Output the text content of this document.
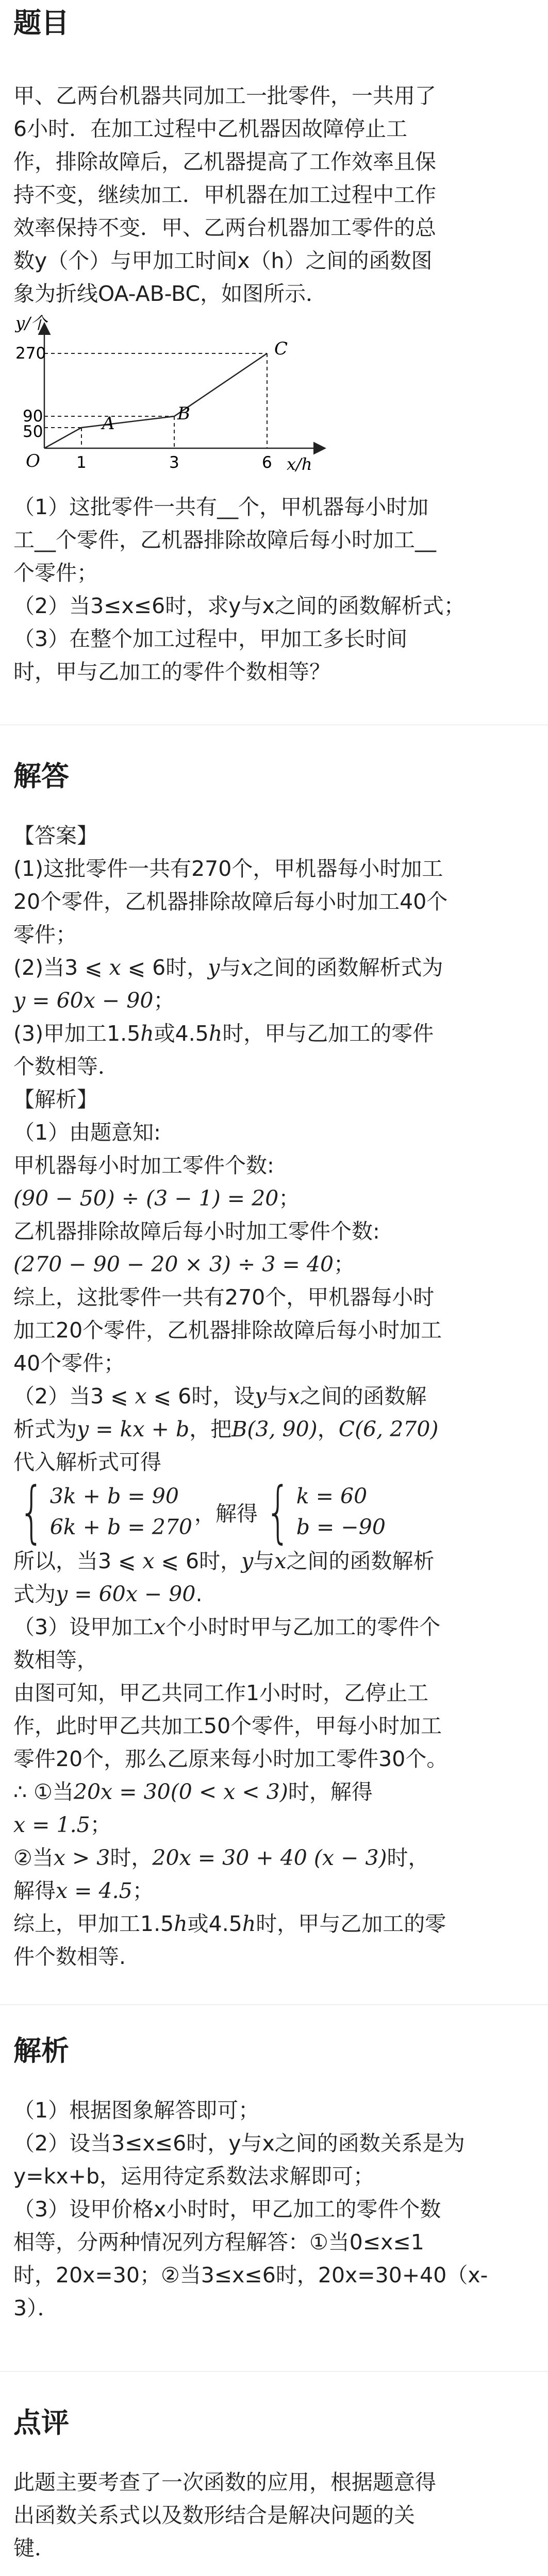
题目

甲、乙两台机器共同加工一批零件，一共用了

6小时．在加工过程中乙机器因故障停止工

作，排除故障后，乙机器提高了工作效率且保

持不变，继续加工．甲机器在加工过程中工作

效率保持不变．甲、乙两台机器加工零件的总

数y（个）与甲加工时间x（h）之间的函数图

象为折线OA-AB-BC，如图所示．

y/个
x/h
O
270
90
50
1	3	6
A	B
C

（1）这批零件一共有__个，甲机器每小时加

工__个零件，乙机器排除故障后每小时加工__

个零件；

（2）当3≤x≤6时，求y与x之间的函数解析式；

（3）在整个加工过程中，甲加工多长时间

时，甲与乙加工的零件个数相等？

解答

【答案】

(1)这批零件一共有270个，甲机器每小时加工

20个零件，乙机器排除故障后每小时加工40个

零件；

(2)当3 ⩽ x ⩽ 6时，y与x之间的函数解析式为

y = 60x − 90；

(3)甲加工1.5h或4.5h时，甲与乙加工的零件

个数相等．

【解析】

（1）由题意知:

甲机器每小时加工零件个数:

(90 − 50) ÷ (3 − 1) = 20；

乙机器排除故障后每小时加工零件个数:

(270 − 90 − 20 × 3) ÷ 3 = 40；

综上，这批零件一共有270个，甲机器每小时

加工20个零件，乙机器排除故障后每小时加工

40个零件；

（2）当3 ⩽ x ⩽ 6时，设y与x之间的函数解

析式为y = kx + b，把B(3, 90)，C(6, 270)

代入解析式可得

{ 3k + b = 90
6k + b = 270
，解得 { k = 60
b = −90

所以，当3 ⩽ x ⩽ 6时，y与x之间的函数解析

式为y = 60x − 90.

（3）设甲加工x个小时时甲与乙加工的零件个

数相等，

由图可知，甲乙共同工作1小时时，乙停止工

作，此时甲乙共加工50个零件，甲每小时加工

零件20个，那么乙原来每小时加工零件30个。

∴ ①当20x = 30(0 < x < 3)时，解得

x = 1.5；

②当x > 3时，20x = 30 + 40 (x − 3)时，

解得x = 4.5；

综上，甲加工1.5h或4.5h时，甲与乙加工的零

件个数相等.

解析

（1）根据图象解答即可；

（2）设当3≤x≤6时，y与x之间的函数关系是为

y=kx+b，运用待定系数法求解即可；

（3）设甲价格x小时时，甲乙加工的零件个数

相等，分两种情况列方程解答：①当0≤x≤1

时，20x=30；②当3≤x≤6时，20x=30+40（x-

3）．

点评

此题主要考查了一次函数的应用，根据题意得

出函数关系式以及数形结合是解决问题的关

键．
